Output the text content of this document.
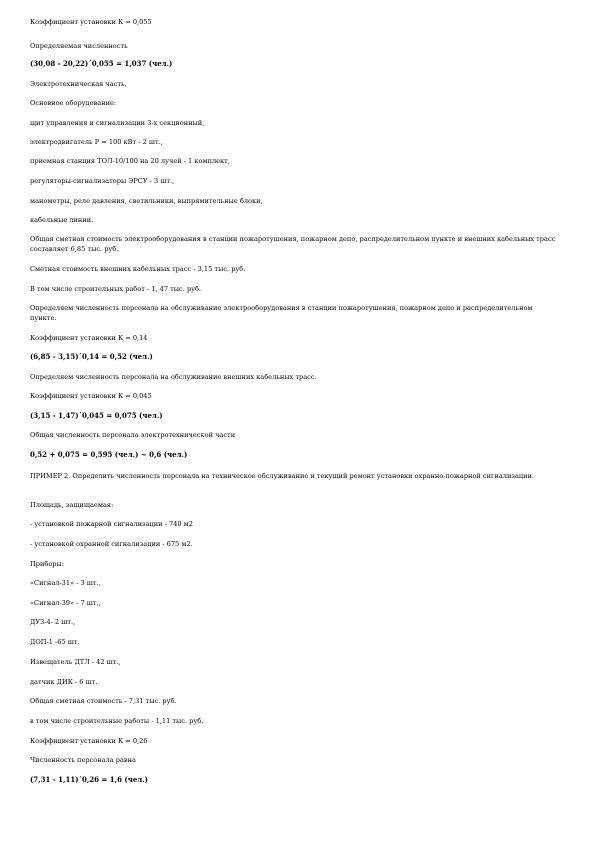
Коэффициент установки К = 0,055
Определяемая численность
(30,08 - 20,22)´0,055 = 1,037 (чел.)
Электротехническая часть.
Основное оборудование:
щит управления и сигнализации 3-х секционный,
электродвигатель Р = 100 кВт - 2 шт.,
приемная станция ТОЛ-10/100 на 20 лучей - 1 комплект,
регуляторы-сигнализаторы ЭРСУ - 3 шт.,
манометры, реле давления, светильники, выпрямительные блоки,
кабельные линии.
Общая сметная стоимость электрооборудования в станции пожаротушения, пожарном депо, распределительном пункте и внешних кабельных трасс составляет 6,85 тыс. руб.
Сметная стоимость внешних кабельных трасс - 3,15 тыс. руб.
В том числе строительных работ - 1, 47 тыс. руб.
Определяем численность персонала на обслуживание электрооборудования в станции пожаротушения, пожарном депо и распределительном пункте.
Коэффициент установки К = 0,14
(6,85 - 3,15)´0,14 = 0,52 (чел.)
Определяем численность персонала на обслуживание внешних кабельных трасс.
Коэффициент установки К = 0,045
(3,15 - 1,47)´0,045 = 0,075 (чел.)
Общая численность персонала электротехнической части
0,52 + 0,075 = 0,595 (чел.) ~ 0,6 (чел.)
ПРИМЕР 2. Определить численность персонала на техническое обслуживание и текущий ремонт установки охранно-пожарной сигнализации.
Площадь, защищаемая:
- установкой пожарной сигнализации - 740 м2
- установкой охранной сигнализации - 675 м2.
Приборы:
«Сигнал-31» - 3 шт.,
«Сигнал-39» - 7 шт.,
ДУЗ-4- 2 шт.,
ДОП-1 -65 шт.
Извещатель ДТЛ - 42 шт.,
датчик ДИК - 6 шт.
Общая сметная стоимость - 7,31 тыс. руб.
в том числе строительные работы - 1,11 тыс. руб.
Коэффициент установки К = 0,26
Численность персонала равна
(7,31 - 1,11)´0,26 = 1,6 (чел.)
